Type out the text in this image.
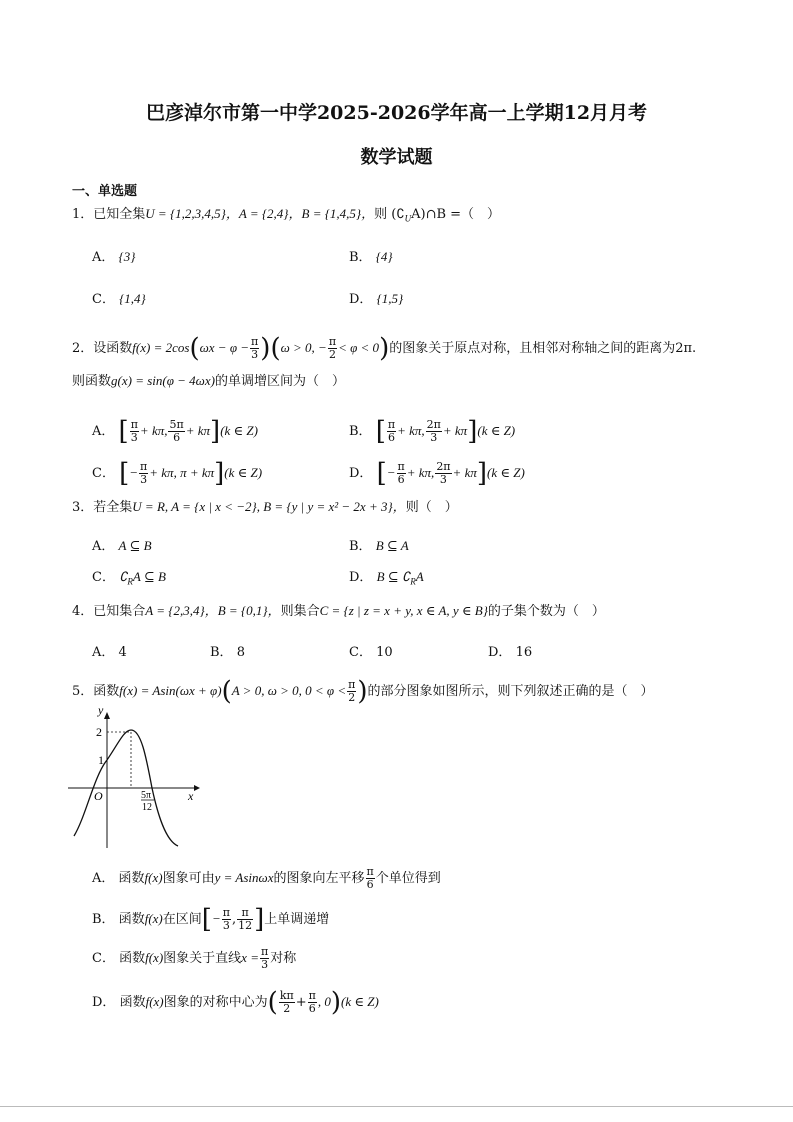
巴彦淖尔市第一中学2025-2026学年高一上学期12月月考
数学试题
一、单选题
1．已知全集U = {1,2,3,4,5}，A = {2,4}，B = {1,4,5}，则 $(∁_UA)\cap B$ =（　）
A． {3}	B． {4}
C． {1,4}	D． {1,5}
2．设函数$f(x) = 2\cos(\omega x - \varphi - \frac{\pi}{3} )(\omega > 0$, − $\frac{\pi}{2} < \varphi < 0$)的图象关于原点对称，且相邻对称轴之间的距离为2π.
则函数g(x) = sin(φ − 4ωx)的单调增区间为（　）
A． [ $\frac{\pi}{3} + k\pi$, $\frac{5\pi}{6} + k\pi](k$ ∈ Z)	B． [ $\frac{\pi}{6} + k\pi$, $\frac{2\pi}{3} + k\pi](k$ ∈ Z)
C． [− $\frac{\pi}{3} + k\pi$, π + kπ](k ∈ Z)	D． [− $\frac{\pi}{6} + k\pi$, $\frac{2\pi}{3} + k\pi](k$ ∈ Z)
3．若全集U = R, A = {x | x < −2}, B = {y | y = x² − 2x + 3}，则（　）
A． A ⊆ B	B． B ⊆ A
C． $∁_RA$ ⊆ B	D． B ⊆ $∁_RA$
4．已知集合A = {2,3,4}，B = {0,1}，则集合C = {z | z = x + y, x ∈ A, y ∈ B}的子集个数为（　）
A． 4	B． 8	C． 10	D． 16
5．函数f(x) = Asin(ωx + φ)(A > 0, ω > 0, $0 < \varphi < \frac{\pi}{2}$ )的部分图象如图所示，则下列叙述正确的是（　）
y
2
1
O	5π
12
x
A． 函数f(x)图象可由y = Asinωx的图象向左平移 $\frac{\pi}{6}$ 个单位得到
B． 函数f(x)在区间[− $\frac{\pi}{3}$ , $\frac{\pi}{12}$ ]上单调递增
C． 函数f(x)图象关于直线$x = \frac{\pi}{3}$ 对称
D． 函数f(x)图象的对称中心为( $\frac{k\pi}{2} + \frac{\pi}{6}$ , 0)(k ∈ Z)
